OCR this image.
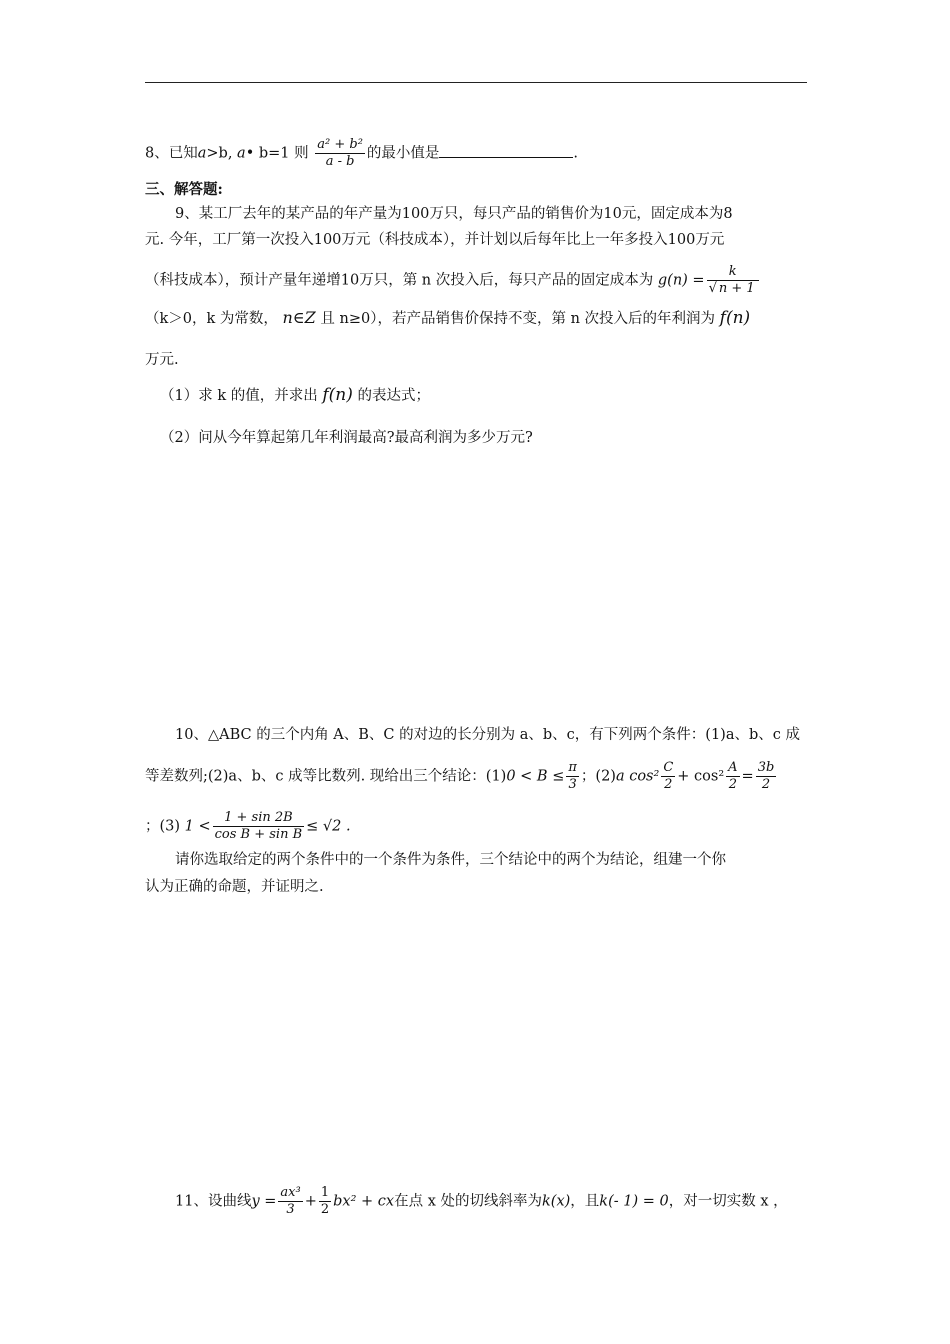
8、已知a>b, a• b=1 则 $\frac{\text{a² + b²}}{a - b}$ 的最小值是	.
三、解答题:
9、某工厂去年的某产品的年产量为100万只，每只产品的销售价为10元，固定成本为8
元. 今年，工厂第一次投入100万元（科技成本），并计划以后每年比上一年多投入100万元
（科技成本），预计产量年递增10万只，第 n 次投入后，每只产品的固定成本为 $g(n) = \frac{k}{√ n + 1}$
（k＞0，k 为常数， n∈Z 且 n≥0），若产品销售价保持不变，第 n 次投入后的年利润为 f(n)
万元.
（1）求 k 的值，并求出 f(n) 的表达式；
（2）问从今年算起第几年利润最高?最高利润为多少万元?
10、△ABC 的三个内角 A、B、C 的对边的长分别为 a、b、c，有下列两个条件：(1)a、b、c 成
等差数列;(2)a、b、c 成等比数列. 现给出三个结论：$(1)0 < B \le \frac{\pi}{3}$ ；(2)a $\cos^2 \frac{C}{2} + \cos^2 \frac{A}{2} = \frac{3b}{2}$
；(3) $1 < \frac{1 + \sin 2B}{\text{cos B + sin B}} \le √2$ .
请你选取给定的两个条件中的一个条件为条件，三个结论中的两个为结论，组建一个你
认为正确的命题，并证明之.
11、设曲线$y = \frac{\text{ax³}}{3} + \frac{1}{2} bx^2$ + cx在点 x 处的切线斜率为k(x)，且k(- 1) = 0，对一切实数 x ，
